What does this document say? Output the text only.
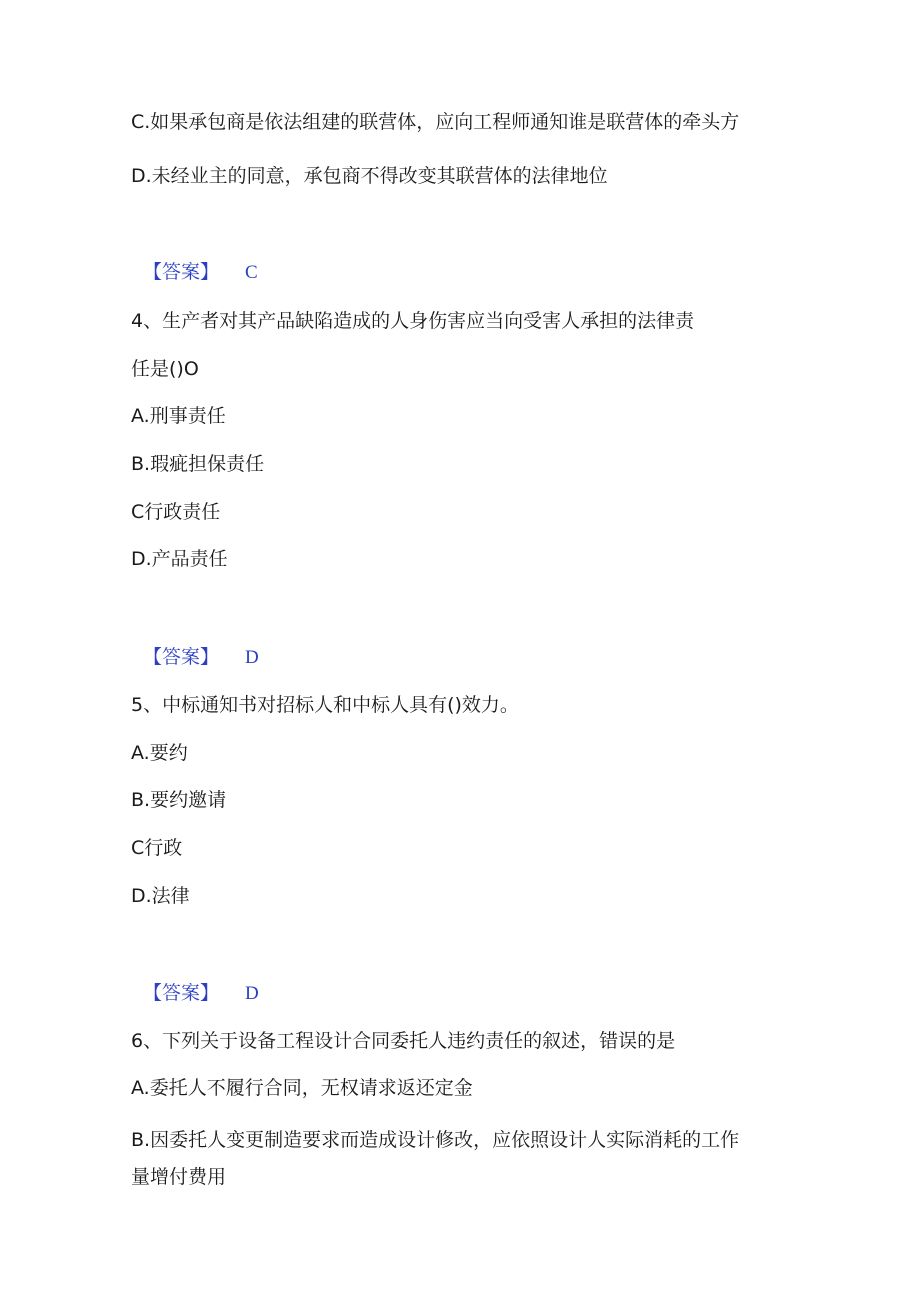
C.如果承包商是依法组建的联营体，应向工程师通知谁是联营体的牵头方
D.未经业主的同意，承包商不得改变其联营体的法律地位
【答案】 C
4、生产者对其产品缺陷造成的人身伤害应当向受害人承担的法律责
任是()O
A.刑事责任
B.瑕疵担保责任
C行政责任
D.产品责任
【答案】 D
5、中标通知书对招标人和中标人具有()效力。
A.要约
B.要约邀请
C行政
D.法律
【答案】 D
6、下列关于设备工程设计合同委托人违约责任的叙述，错误的是
A.委托人不履行合同，无权请求返还定金
B.因委托人变更制造要求而造成设计修改，应依照设计人实际消耗的工作
量增付费用
